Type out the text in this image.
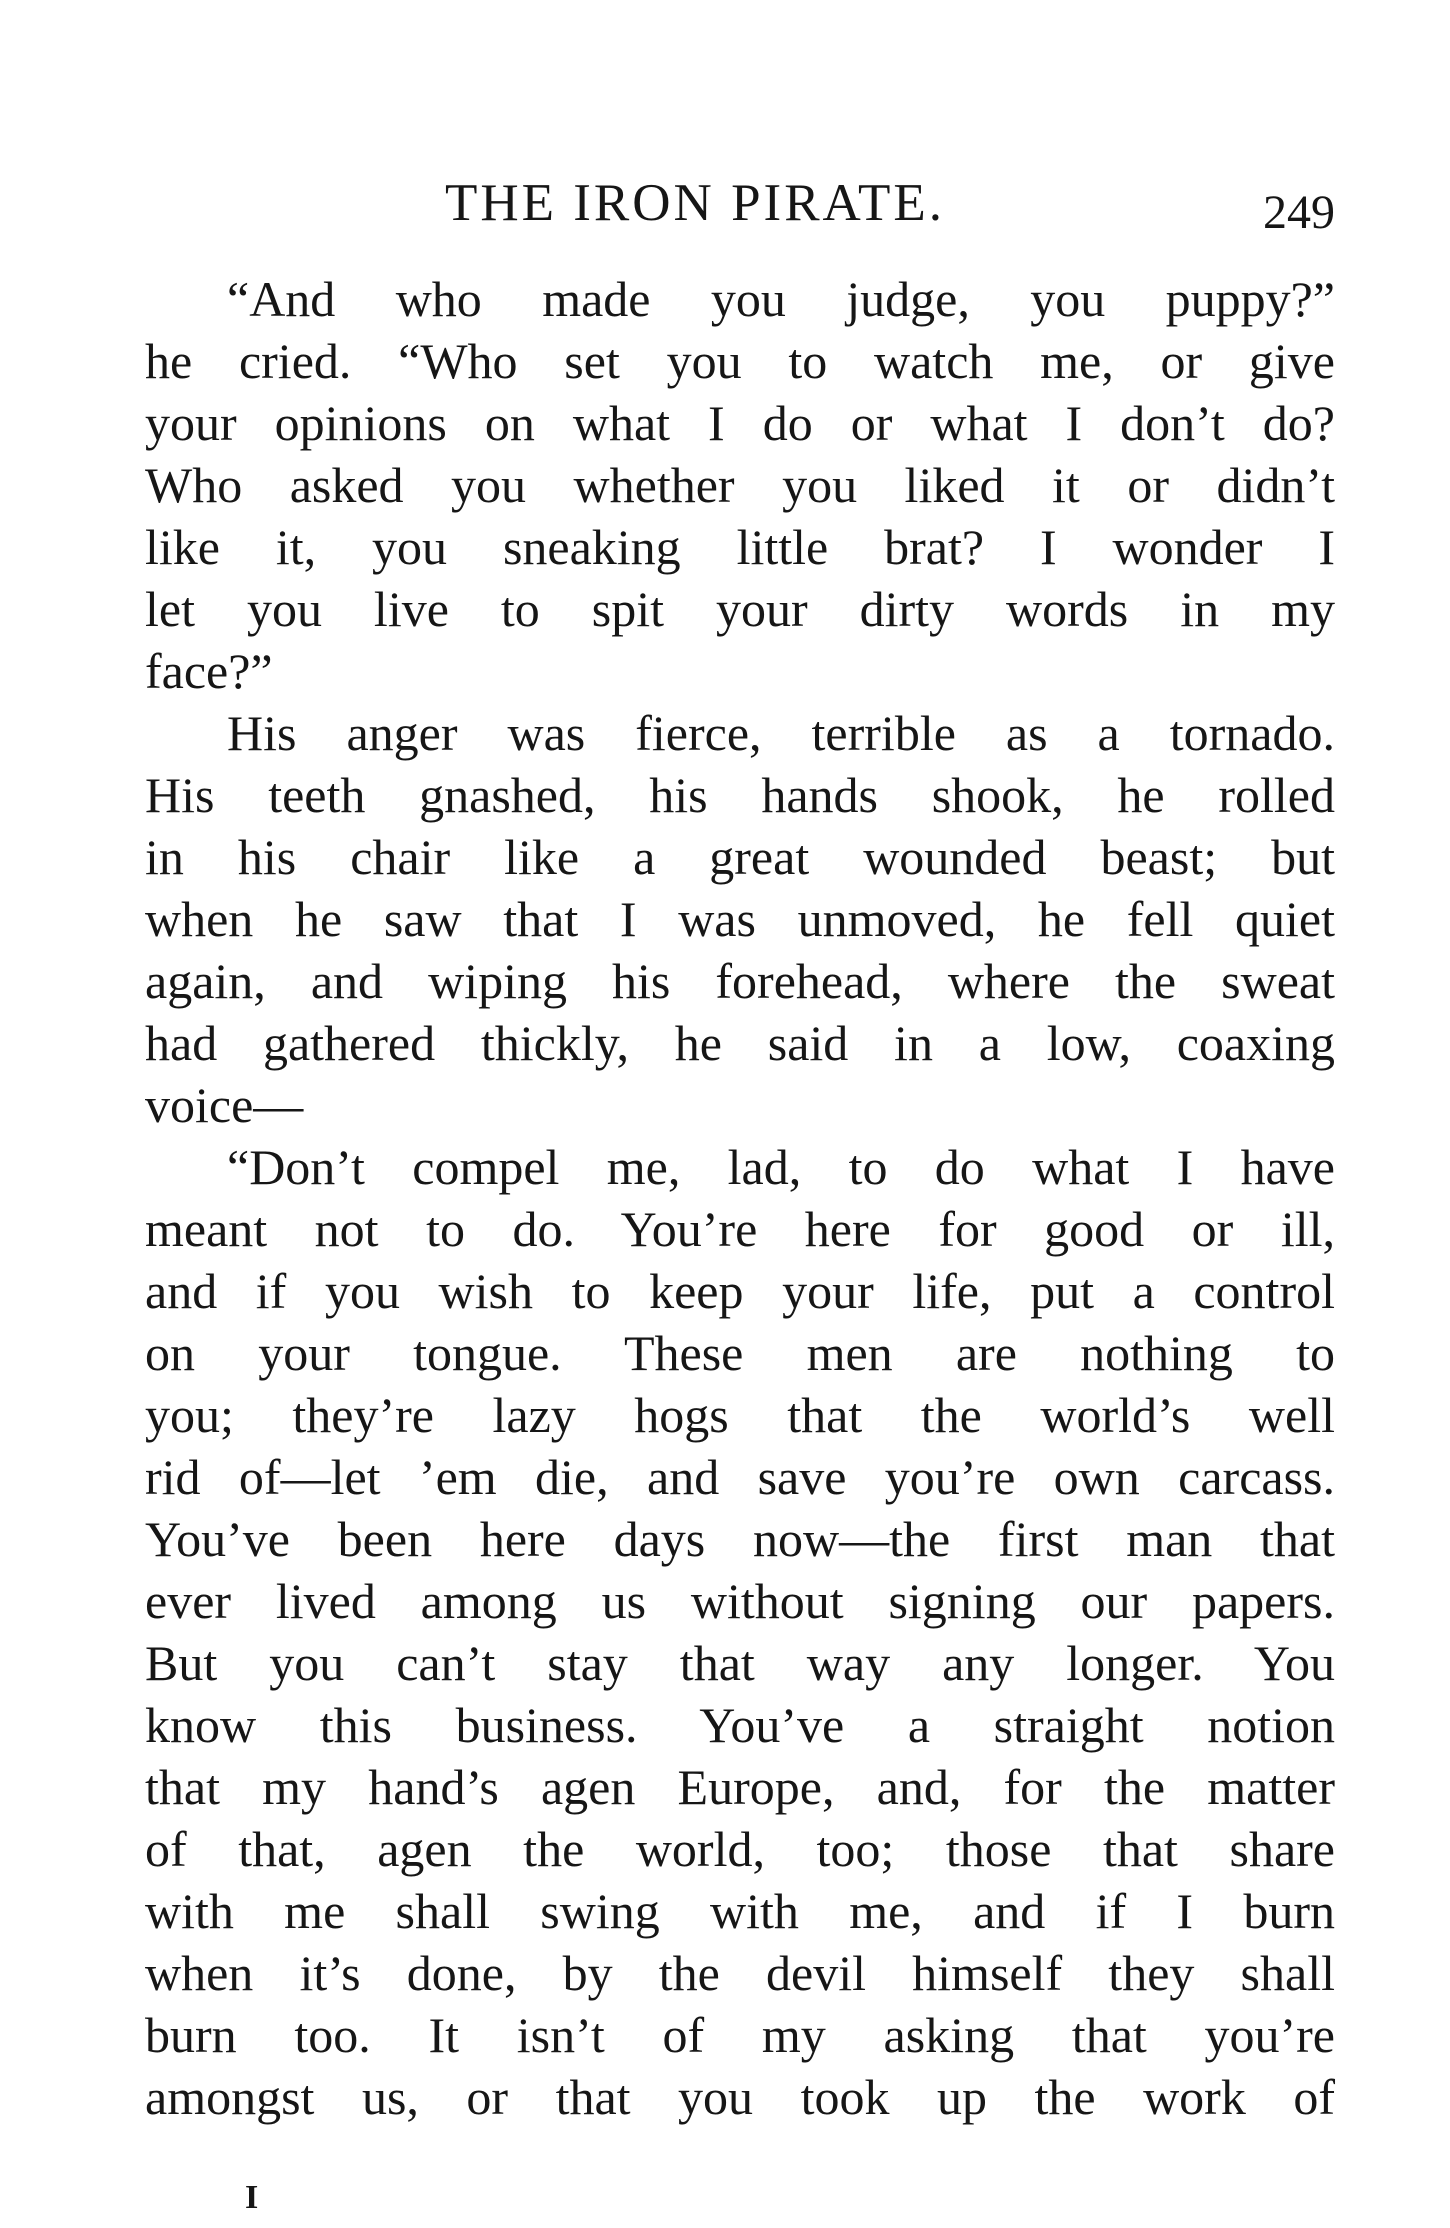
THE IRON PIRATE.	249
“And who made you judge, you puppy?”
he cried. “Who set you to watch me, or give
your opinions on what I do or what I don’t do?
Who asked you whether you liked it or didn’t
like it, you sneaking little brat? I wonder I
let you live to spit your dirty words in my
face?”
His anger was fierce, terrible as a tornado.
His teeth gnashed, his hands shook, he rolled
in his chair like a great wounded beast; but
when he saw that I was unmoved, he fell quiet
again, and wiping his forehead, where the sweat
had gathered thickly, he said in a low, coaxing
voice—
“Don’t compel me, lad, to do what I have
meant not to do. You’re here for good or ill,
and if you wish to keep your life, put a control
on your tongue. These men are nothing to
you; they’re lazy hogs that the world’s well
rid of—let ’em die, and save you’re own carcass.
You’ve been here days now—the first man that
ever lived among us without signing our papers.
But you can’t stay that way any longer. You
know this business. You’ve a straight notion
that my hand’s agen Europe, and, for the matter
of that, agen the world, too; those that share
with me shall swing with me, and if I burn
when it’s done, by the devil himself they shall
burn too. It isn’t of my asking that you’re
amongst us, or that you took up the work of
I
